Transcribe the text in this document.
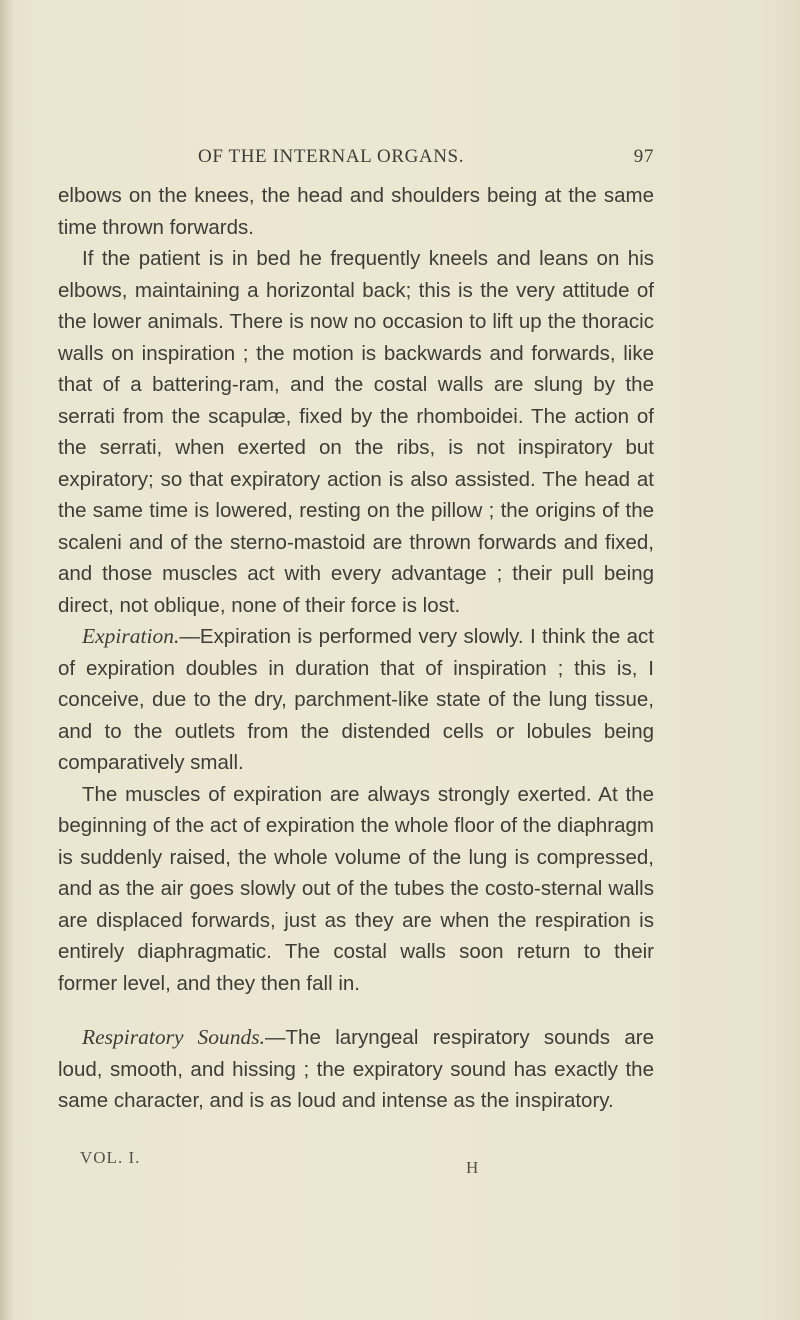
OF THE INTERNAL ORGANS.	97

elbows on the knees, the head and shoulders being at the same time thrown forwards.

If the patient is in bed he frequently kneels and leans on his elbows, maintaining a horizontal back; this is the very attitude of the lower animals. There is now no occasion to lift up the thoracic walls on inspiration ; the motion is backwards and forwards, like that of a battering-ram, and the costal walls are slung by the serrati from the scapulæ, fixed by the rhomboidei. The action of the serrati, when exerted on the ribs, is not inspiratory but expiratory; so that expiratory action is also assisted. The head at the same time is lowered, resting on the pillow ; the origins of the scaleni and of the sterno-mastoid are thrown forwards and fixed, and those muscles act with every advantage ; their pull being direct, not oblique, none of their force is lost.

Expiration.—Expiration is performed very slowly. I think the act of expiration doubles in duration that of inspiration ; this is, I conceive, due to the dry, parchment-like state of the lung tissue, and to the outlets from the distended cells or lobules being comparatively small.

The muscles of expiration are always strongly exerted. At the beginning of the act of expiration the whole floor of the diaphragm is suddenly raised, the whole volume of the lung is compressed, and as the air goes slowly out of the tubes the costo-sternal walls are displaced forwards, just as they are when the respiration is entirely diaphragmatic. The costal walls soon return to their former level, and they then fall in.

Respiratory Sounds.—The laryngeal respiratory sounds are loud, smooth, and hissing ; the expiratory sound has exactly the same character, and is as loud and intense as the inspiratory.

VOL. I.
H
